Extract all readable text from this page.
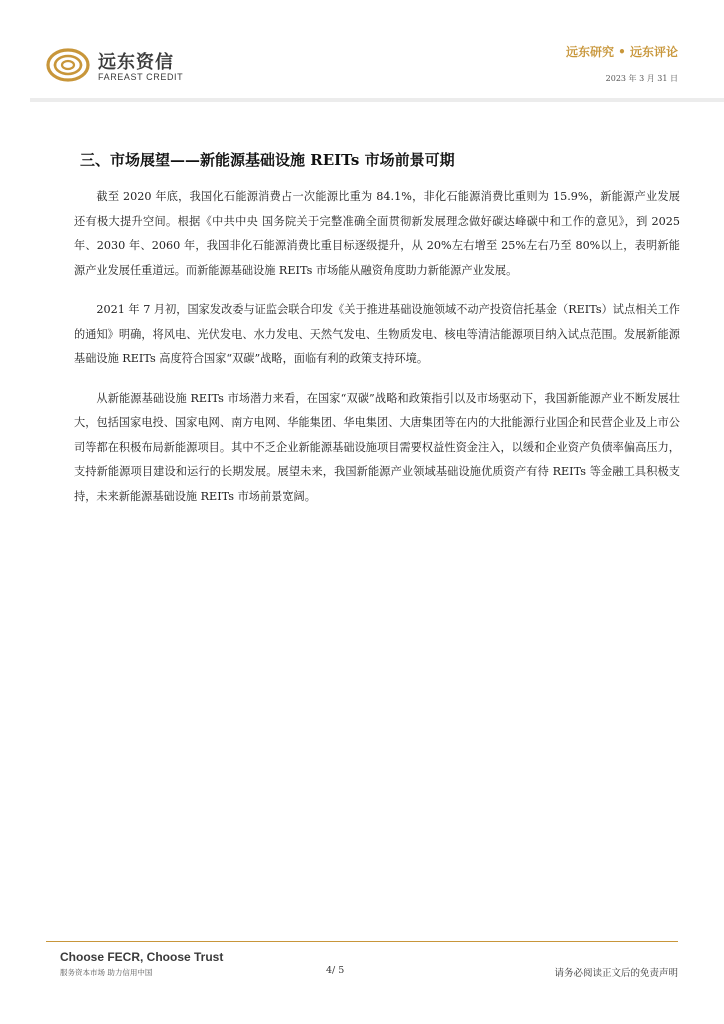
远东资信
FAREAST CREDIT
远东研究 • 远东评论
2023 年 3 月 31 日
三、市场展望——新能源基础设施 REITs 市场前景可期

截至 2020 年底，我国化石能源消费占一次能源比重为 84.1%，非化石能源消费比重则为 15.9%，新能源产业发展还有极大提升空间。根据《中共中央 国务院关于完整准确全面贯彻新发展理念做好碳达峰碳中和工作的意见》，到 2025 年、2030 年、2060 年，我国非化石能源消费比重目标逐级提升，从 20%左右增至 25%左右乃至 80%以上，表明新能源产业发展任重道远。而新能源基础设施 REITs 市场能从融资角度助力新能源产业发展。

2021 年 7 月初，国家发改委与证监会联合印发《关于推进基础设施领域不动产投资信托基金（REITs）试点相关工作的通知》明确，将风电、光伏发电、水力发电、天然气发电、生物质发电、核电等清洁能源项目纳入试点范围。发展新能源基础设施 REITs 高度符合国家“双碳”战略，面临有利的政策支持环境。

从新能源基础设施 REITs 市场潜力来看，在国家“双碳”战略和政策指引以及市场驱动下，我国新能源产业不断发展壮大，包括国家电投、国家电网、南方电网、华能集团、华电集团、大唐集团等在内的大批能源行业国企和民营企业及上市公司等都在积极布局新能源项目。其中不乏企业新能源基础设施项目需要权益性资金注入，以缓和企业资产负债率偏高压力，支持新能源项目建设和运行的长期发展。展望未来，我国新能源产业领域基础设施优质资产有待 REITs 等金融工具积极支持，未来新能源基础设施 REITs 市场前景宽阔。

Choose FECR, Choose Trust
服务资本市场 助力信用中国	4/ 5	请务必阅读正文后的免责声明
